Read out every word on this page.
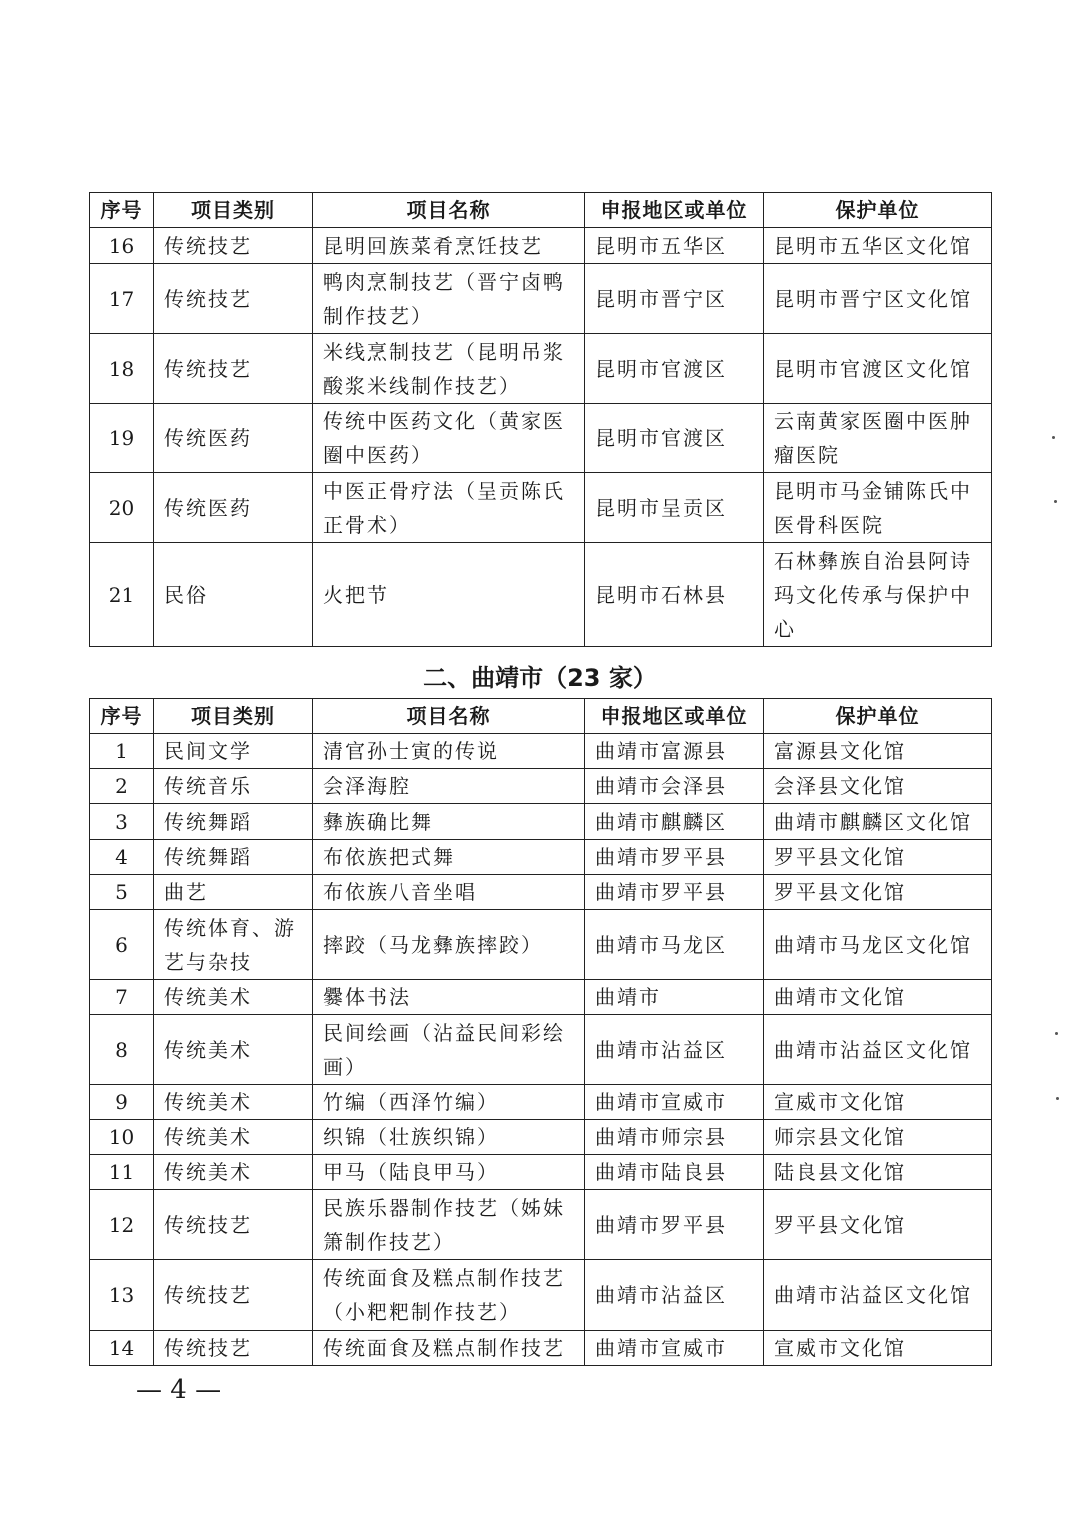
序号	项目类别	项目名称	申报地区或单位	保护单位
16	传统技艺	昆明回族菜肴烹饪技艺	昆明市五华区	昆明市五华区文化馆
17	传统技艺	鸭肉烹制技艺（晋宁卤鸭制作技艺）	昆明市晋宁区	昆明市晋宁区文化馆
18	传统技艺	米线烹制技艺（昆明吊浆酸浆米线制作技艺）	昆明市官渡区	昆明市官渡区文化馆
19	传统医药	传统中医药文化（黄家医圈中医药）	昆明市官渡区	云南黄家医圈中医肿瘤医院
20	传统医药	中医正骨疗法（呈贡陈氏正骨术）	昆明市呈贡区	昆明市马金铺陈氏中医骨科医院
21	民俗	火把节	昆明市石林县	石林彝族自治县阿诗玛文化传承与保护中心
二、曲靖市（23 家）
序号	项目类别	项目名称	申报地区或单位	保护单位
1	民间文学	清官孙士寅的传说	曲靖市富源县	富源县文化馆
2	传统音乐	会泽海腔	曲靖市会泽县	会泽县文化馆
3	传统舞蹈	彝族确比舞	曲靖市麒麟区	曲靖市麒麟区文化馆
4	传统舞蹈	布依族把式舞	曲靖市罗平县	罗平县文化馆
5	曲艺	布依族八音坐唱	曲靖市罗平县	罗平县文化馆
6	传统体育、游艺与杂技	摔跤（马龙彝族摔跤）	曲靖市马龙区	曲靖市马龙区文化馆
7	传统美术	爨体书法	曲靖市	曲靖市文化馆
8	传统美术	民间绘画（沾益民间彩绘画）	曲靖市沾益区	曲靖市沾益区文化馆
9	传统美术	竹编（西泽竹编）	曲靖市宣威市	宣威市文化馆
10	传统美术	织锦（壮族织锦）	曲靖市师宗县	师宗县文化馆
11	传统美术	甲马（陆良甲马）	曲靖市陆良县	陆良县文化馆
12	传统技艺	民族乐器制作技艺（姊妹箫制作技艺）	曲靖市罗平县	罗平县文化馆
13	传统技艺	传统面食及糕点制作技艺（小粑粑制作技艺）	曲靖市沾益区	曲靖市沾益区文化馆
14	传统技艺	传统面食及糕点制作技艺	曲靖市宣威市	宣威市文化馆
— 4 —
